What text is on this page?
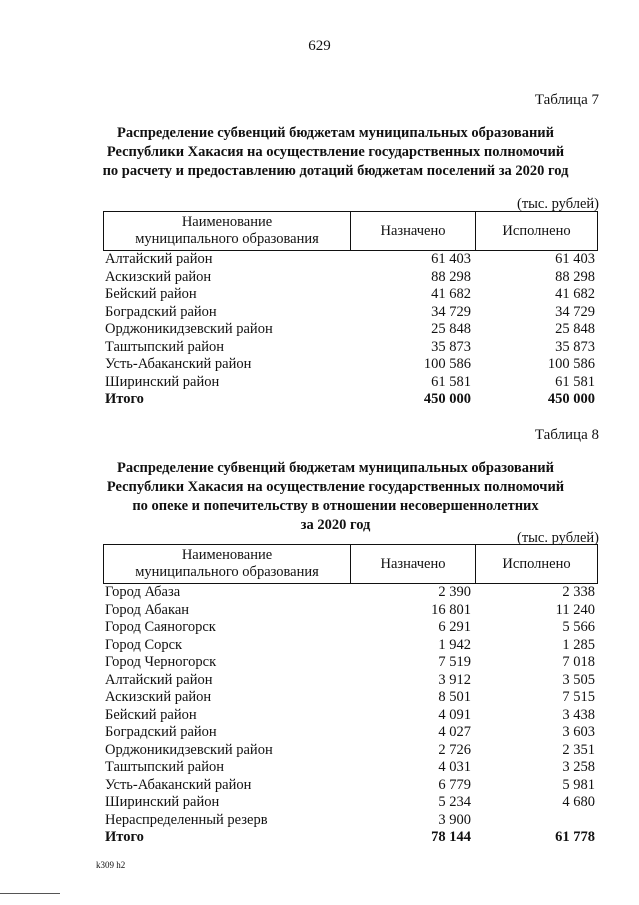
629
Таблица 7
Распределение субвенций бюджетам муниципальных образований
Республики Хакасия на осуществление государственных полномочий
по расчету и предоставлению дотаций бюджетам поселений за 2020 год
(тыс. рублей)
Наименование
муниципального образования
Назначено	Исполнено
Алтайский район	61 403	61 403
Аскизский район	88 298	88 298
Бейский район	41 682	41 682
Боградский район	34 729	34 729
Орджоникидзевский район	25 848	25 848
Таштыпский район	35 873	35 873
Усть-Абаканский район	100 586	100 586
Ширинский район	61 581	61 581
Итого	450 000	450 000
Таблица 8
Распределение субвенций бюджетам муниципальных образований
Республики Хакасия на осуществление государственных полномочий
по опеке и попечительству в отношении несовершеннолетних
за 2020 год
(тыс. рублей)
Наименование
муниципального образования
Назначено	Исполнено
Город Абаза	2 390	2 338
Город Абакан	16 801	11 240
Город Саяногорск	6 291	5 566
Город Сорск	1 942	1 285
Город Черногорск	7 519	7 018
Алтайский район	3 912	3 505
Аскизский район	8 501	7 515
Бейский район	4 091	3 438
Боградский район	4 027	3 603
Орджоникидзевский район	2 726	2 351
Таштыпский район	4 031	3 258
Усть-Абаканский район	6 779	5 981
Ширинский район	5 234	4 680
Нераспределенный резерв	3 900
Итого	78 144	61 778
k309 h2
